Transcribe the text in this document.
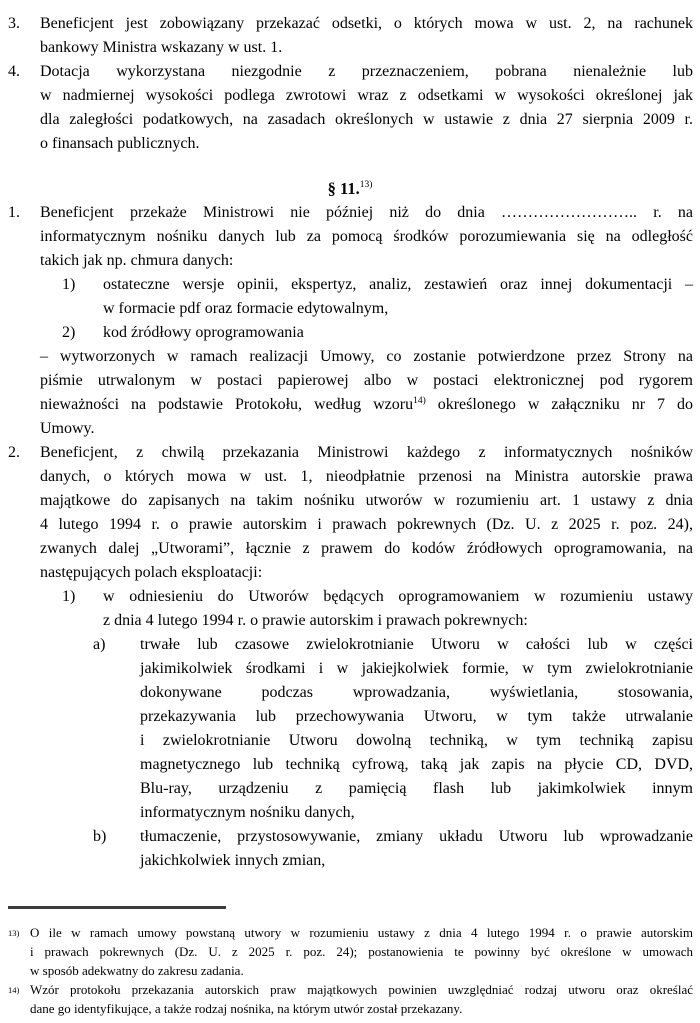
3. Beneficjent jest zobowiązany przekazać odsetki, o których mowa w ust. 2, na rachunek
bankowy Ministra wskazany w ust. 1.
4. Dotacja wykorzystana niezgodnie z przeznaczeniem, pobrana nienależnie lub
w nadmiernej wysokości podlega zwrotowi wraz z odsetkami w wysokości określonej jak
dla zaległości podatkowych, na zasadach określonych w ustawie z dnia 27 sierpnia 2009 r.
o finansach publicznych.
§ 11.$^{13)}$
1. Beneficjent przekaże Ministrowi nie później niż do dnia …………………….. r. na
informatycznym nośniku danych lub za pomocą środków porozumiewania się na odległość
takich jak np. chmura danych:
1) ostateczne wersje opinii, ekspertyz, analiz, zestawień oraz innej dokumentacji –
w formacie pdf oraz formacie edytowalnym,
2) kod źródłowy oprogramowania
– wytworzonych w ramach realizacji Umowy, co zostanie potwierdzone przez Strony na
piśmie utrwalonym w postaci papierowej albo w postaci elektronicznej pod rygorem
nieważności na podstawie Protokołu, według wzoru$^{14)}$ określonego w załączniku nr 7 do
Umowy.
2. Beneficjent, z chwilą przekazania Ministrowi każdego z informatycznych nośników
danych, o których mowa w ust. 1, nieodpłatnie przenosi na Ministra autorskie prawa
majątkowe do zapisanych na takim nośniku utworów w rozumieniu art. 1 ustawy z dnia
4 lutego 1994 r. o prawie autorskim i prawach pokrewnych (Dz. U. z 2025 r. poz. 24),
zwanych dalej „Utworami”, łącznie z prawem do kodów źródłowych oprogramowania, na
następujących polach eksploatacji:
1) w odniesieniu do Utworów będących oprogramowaniem w rozumieniu ustawy
z dnia 4 lutego 1994 r. o prawie autorskim i prawach pokrewnych:
a) trwałe lub czasowe zwielokrotnianie Utworu w całości lub w części
jakimikolwiek środkami i w jakiejkolwiek formie, w tym zwielokrotnianie
dokonywane podczas wprowadzania, wyświetlania, stosowania,
przekazywania lub przechowywania Utworu, w tym także utrwalanie
i zwielokrotnianie Utworu dowolną techniką, w tym techniką zapisu
magnetycznego lub techniką cyfrową, taką jak zapis na płycie CD, DVD,
Blu-ray, urządzeniu z pamięcią flash lub jakimkolwiek innym
informatycznym nośniku danych,
b) tłumaczenie, przystosowywanie, zmiany układu Utworu lub wprowadzanie
jakichkolwiek innych zmian,
13) O ile w ramach umowy powstaną utwory w rozumieniu ustawy z dnia 4 lutego 1994 r. o prawie autorskim
i prawach pokrewnych (Dz. U. z 2025 r. poz. 24); postanowienia te powinny być określone w umowach
w sposób adekwatny do zakresu zadania.
14) Wzór protokołu przekazania autorskich praw majątkowych powinien uwzględniać rodzaj utworu oraz określać
dane go identyfikujące, a także rodzaj nośnika, na którym utwór został przekazany.
